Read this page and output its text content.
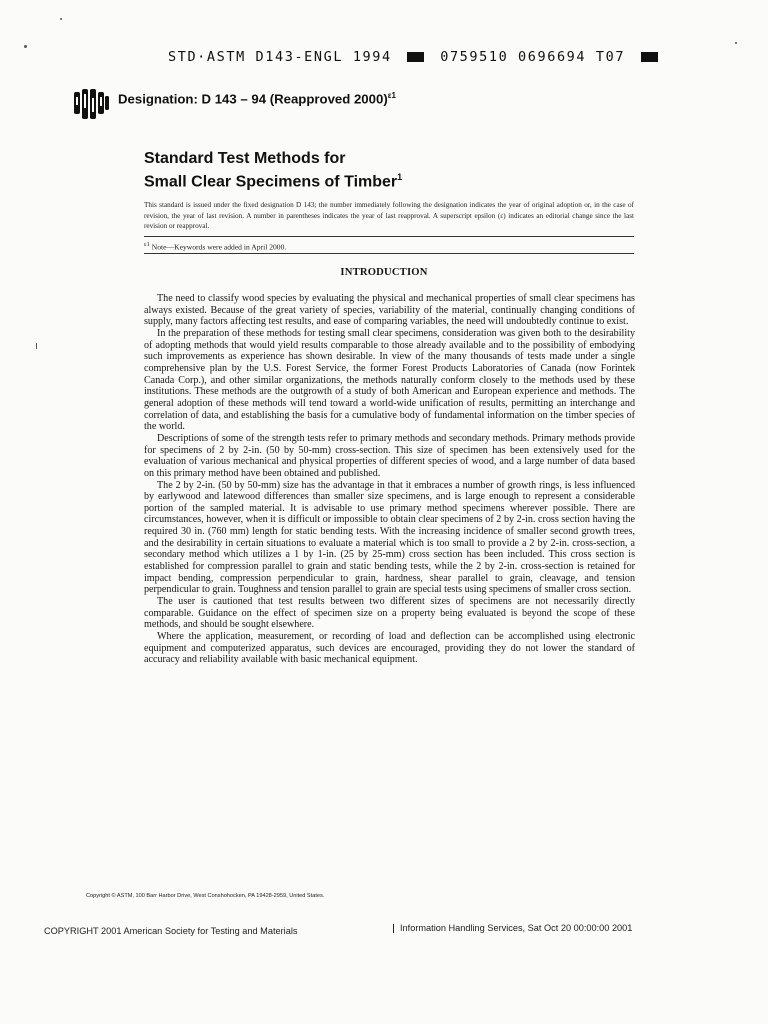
STD·ASTM D143-ENGL 1994	0759510 0696694 T07
Designation: D 143 – 94 (Reapproved 2000)$^{\varepsilon 1}$
Standard Test Methods for
Small Clear Specimens of Timber$^1$
This standard is issued under the fixed designation D 143; the number immediately following the designation indicates the year of original adoption or, in the case of revision, the year of last revision. A number in parentheses indicates the year of last reapproval. A superscript epsilon (ε) indicates an editorial change since the last revision or reapproval.
$^{\varepsilon 1}$ Note—Keywords were added in April 2000.
INTRODUCTION

The need to classify wood species by evaluating the physical and mechanical properties of small clear specimens has always existed. Because of the great variety of species, variability of the material, continually changing conditions of supply, many factors affecting test results, and ease of comparing variables, the need will undoubtedly continue to exist.

In the preparation of these methods for testing small clear specimens, consideration was given both to the desirability of adopting methods that would yield results comparable to those already available and to the possibility of embodying such improvements as experience has shown desirable. In view of the many thousands of tests made under a single comprehensive plan by the U.S. Forest Service, the former Forest Products Laboratories of Canada (now Forintek Canada Corp.), and other similar organizations, the methods naturally conform closely to the methods used by these institutions. These methods are the outgrowth of a study of both American and European experience and methods. The general adoption of these methods will tend toward a world-wide unification of results, permitting an interchange and correlation of data, and establishing the basis for a cumulative body of fundamental information on the timber species of the world.

Descriptions of some of the strength tests refer to primary methods and secondary methods. Primary methods provide for specimens of 2 by 2-in. (50 by 50-mm) cross-section. This size of specimen has been extensively used for the evaluation of various mechanical and physical properties of different species of wood, and a large number of data based on this primary method have been obtained and published.

The 2 by 2-in. (50 by 50-mm) size has the advantage in that it embraces a number of growth rings, is less influenced by earlywood and latewood differences than smaller size specimens, and is large enough to represent a considerable portion of the sampled material. It is advisable to use primary method specimens wherever possible. There are circumstances, however, when it is difficult or impossible to obtain clear specimens of 2 by 2-in. cross section having the required 30 in. (760 mm) length for static bending tests. With the increasing incidence of smaller second growth trees, and the desirability in certain situations to evaluate a material which is too small to provide a 2 by 2-in. cross-section, a secondary method which utilizes a 1 by 1-in. (25 by 25-mm) cross section has been included. This cross section is established for compression parallel to grain and static bending tests, while the 2 by 2-in. cross-section is retained for impact bending, compression perpendicular to grain, hardness, shear parallel to grain, cleavage, and tension perpendicular to grain. Toughness and tension parallel to grain are special tests using specimens of smaller cross section.

The user is cautioned that test results between two different sizes of specimens are not necessarily directly comparable. Guidance on the effect of specimen size on a property being evaluated is beyond the scope of these methods, and should be sought elsewhere.

Where the application, measurement, or recording of load and deflection can be accomplished using electronic equipment and computerized apparatus, such devices are encouraged, providing they do not lower the standard of accuracy and reliability available with basic mechanical equipment.

Copyright © ASTM, 100 Barr Harbor Drive, West Conshohocken, PA 19428-2959, United States.
COPYRIGHT 2001 American Society for Testing and Materials	Information Handling Services, Sat Oct 20 00:00:00 2001
